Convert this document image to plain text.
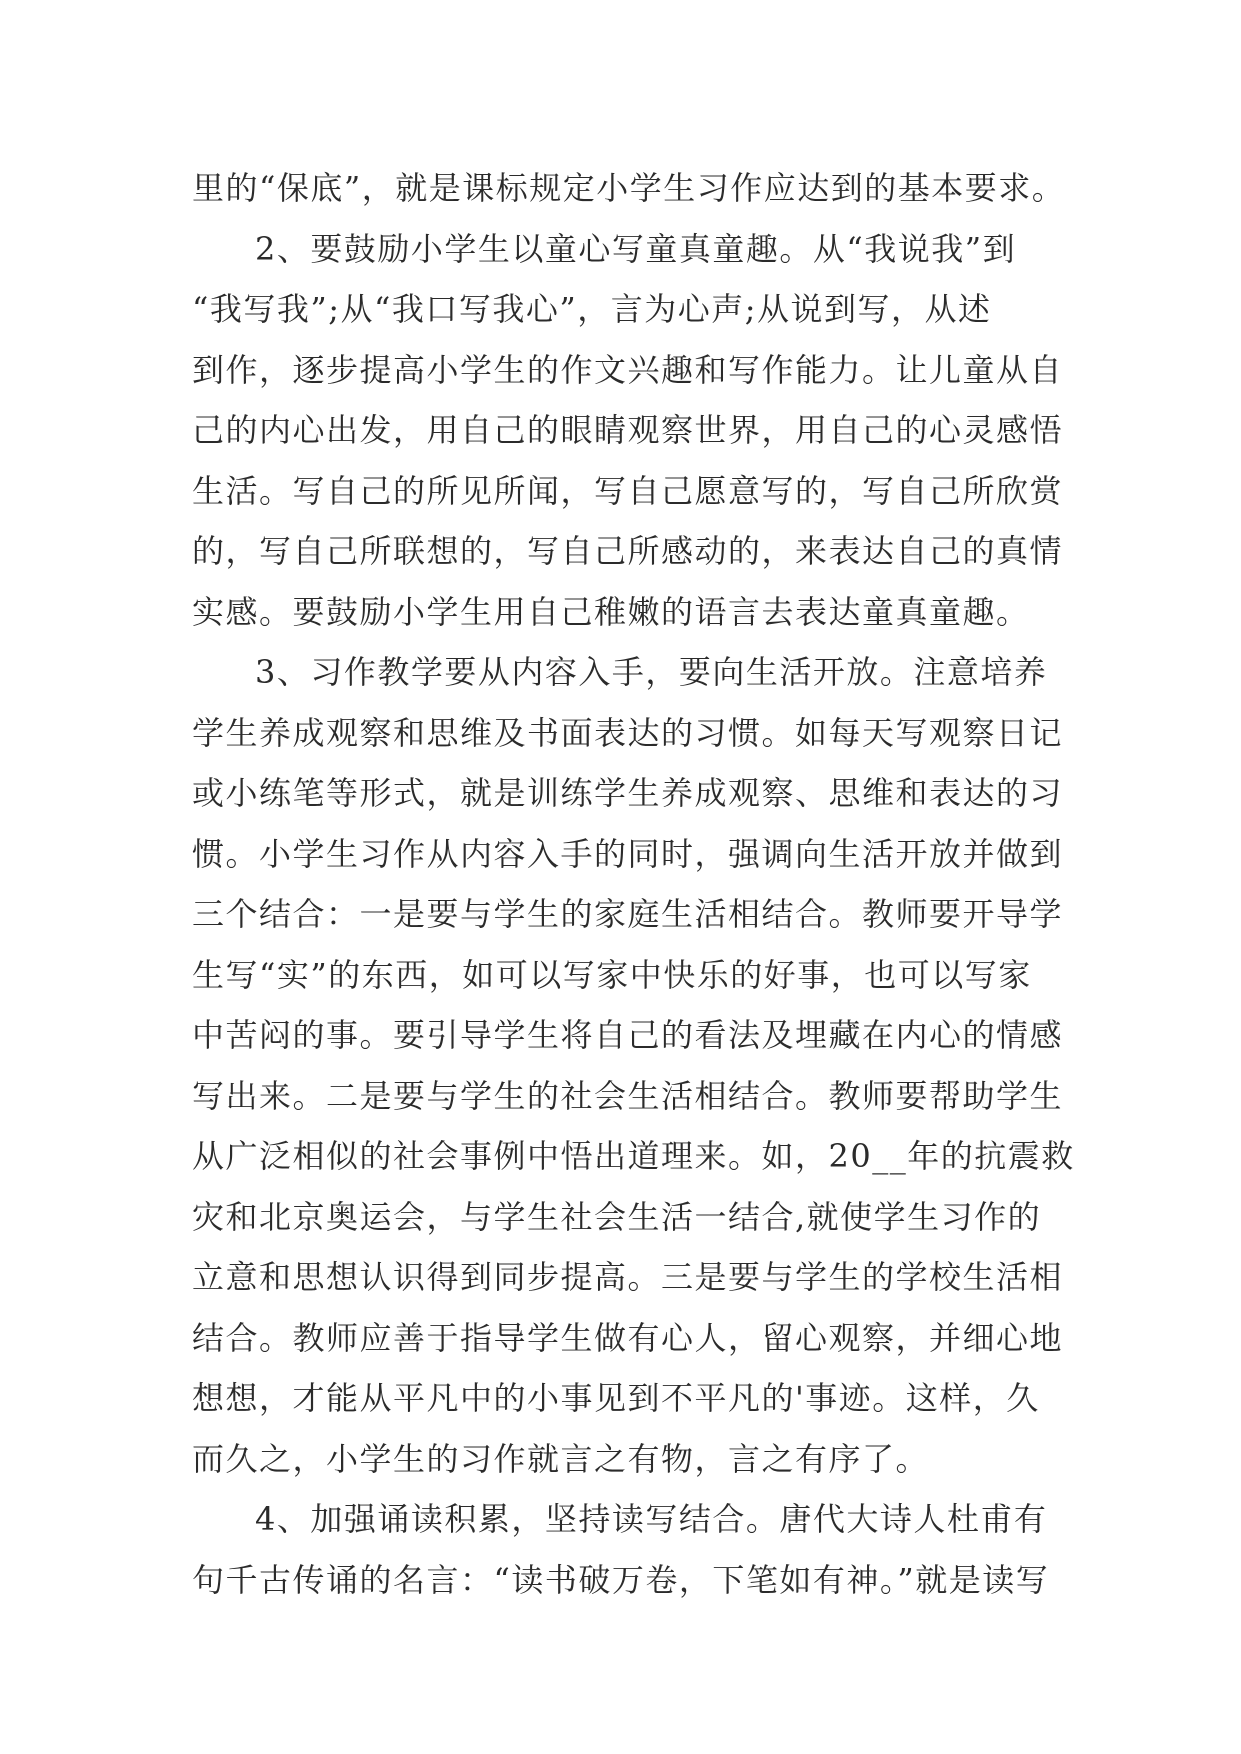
里的“保底”，就是课标规定小学生习作应达到的基本要求。
2、要鼓励小学生以童心写童真童趣。从“我说我”到
“我写我”;从“我口写我心”，言为心声;从说到写，从述
到作，逐步提高小学生的作文兴趣和写作能力。让儿童从自
己的内心出发，用自己的眼睛观察世界，用自己的心灵感悟
生活。写自己的所见所闻，写自己愿意写的，写自己所欣赏
的，写自己所联想的，写自己所感动的，来表达自己的真情
实感。要鼓励小学生用自己稚嫩的语言去表达童真童趣。
3、习作教学要从内容入手，要向生活开放。注意培养
学生养成观察和思维及书面表达的习惯。如每天写观察日记
或小练笔等形式，就是训练学生养成观察、思维和表达的习
惯。小学生习作从内容入手的同时，强调向生活开放并做到
三个结合：一是要与学生的家庭生活相结合。教师要开导学
生写“实”的东西，如可以写家中快乐的好事，也可以写家
中苦闷的事。要引导学生将自己的看法及埋藏在内心的情感
写出来。二是要与学生的社会生活相结合。教师要帮助学生
从广泛相似的社会事例中悟出道理来。如，20__年的抗震救
灾和北京奥运会，与学生社会生活一结合,就使学生习作的
立意和思想认识得到同步提高。三是要与学生的学校生活相
结合。教师应善于指导学生做有心人，留心观察，并细心地
想想，才能从平凡中的小事见到不平凡的'事迹。这样，久
而久之，小学生的习作就言之有物，言之有序了。
4、加强诵读积累，坚持读写结合。唐代大诗人杜甫有
句千古传诵的名言：“读书破万卷，下笔如有神。”就是读写
